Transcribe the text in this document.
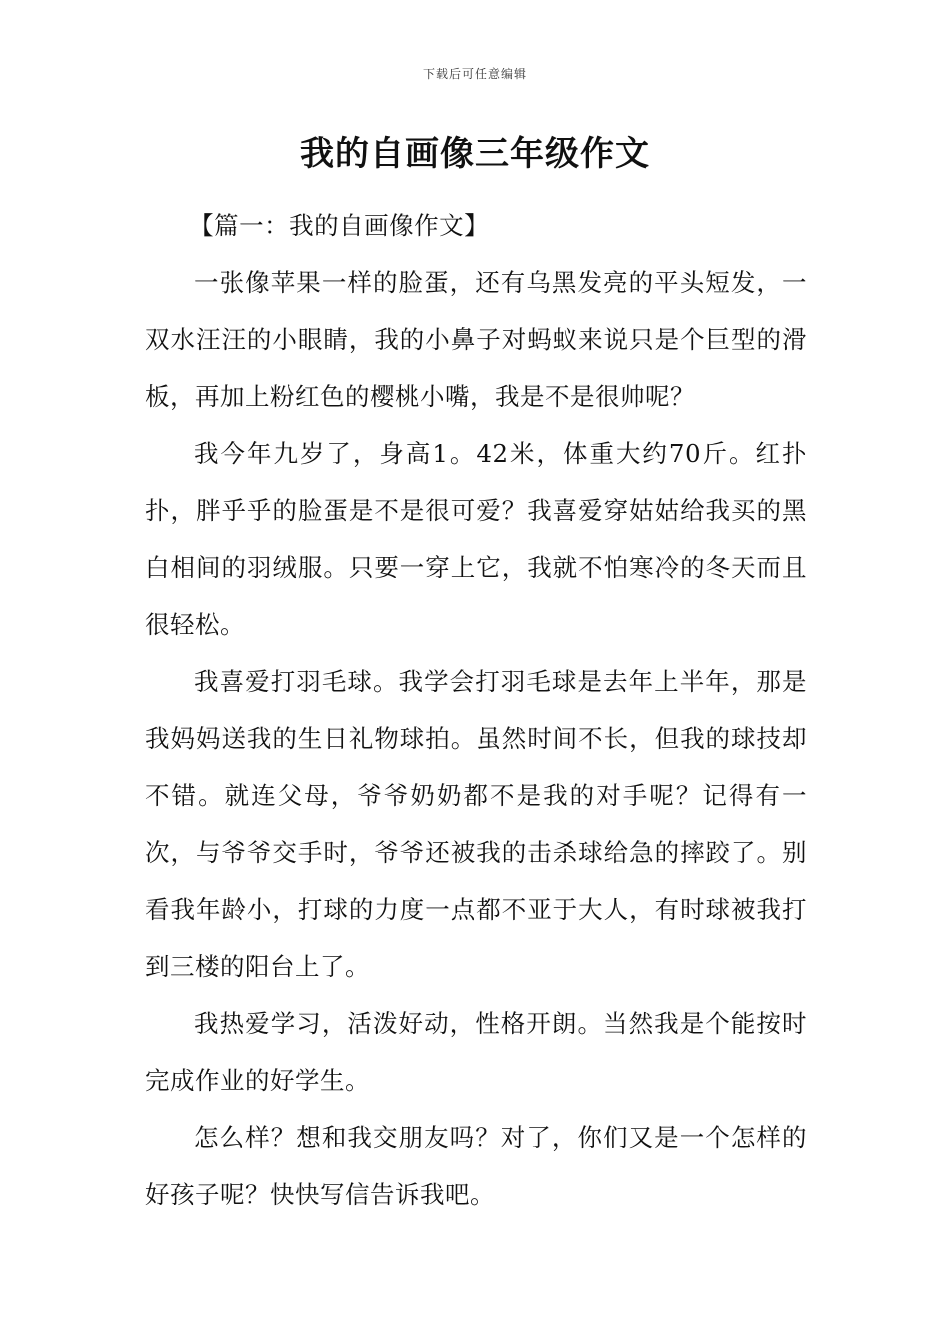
下载后可任意编辑
我的自画像三年级作文

【篇一：我的自画像作文】

一张像苹果一样的脸蛋，还有乌黑发亮的平头短发，一双水汪汪的小眼睛，我的小鼻子对蚂蚁来说只是个巨型的滑板，再加上粉红色的樱桃小嘴，我是不是很帅呢？

我今年九岁了，身高1。42米，体重大约70斤。红扑扑，胖乎乎的脸蛋是不是很可爱？我喜爱穿姑姑给我买的黑白相间的羽绒服。只要一穿上它，我就不怕寒冷的冬天而且很轻松。

我喜爱打羽毛球。我学会打羽毛球是去年上半年，那是我妈妈送我的生日礼物球拍。虽然时间不长，但我的球技却不错。就连父母，爷爷奶奶都不是我的对手呢？记得有一次，与爷爷交手时，爷爷还被我的击杀球给急的摔跤了。别看我年龄小，打球的力度一点都不亚于大人，有时球被我打到三楼的阳台上了。

我热爱学习，活泼好动，性格开朗。当然我是个能按时完成作业的好学生。

怎么样？想和我交朋友吗？对了，你们又是一个怎样的好孩子呢？快快写信告诉我吧。
